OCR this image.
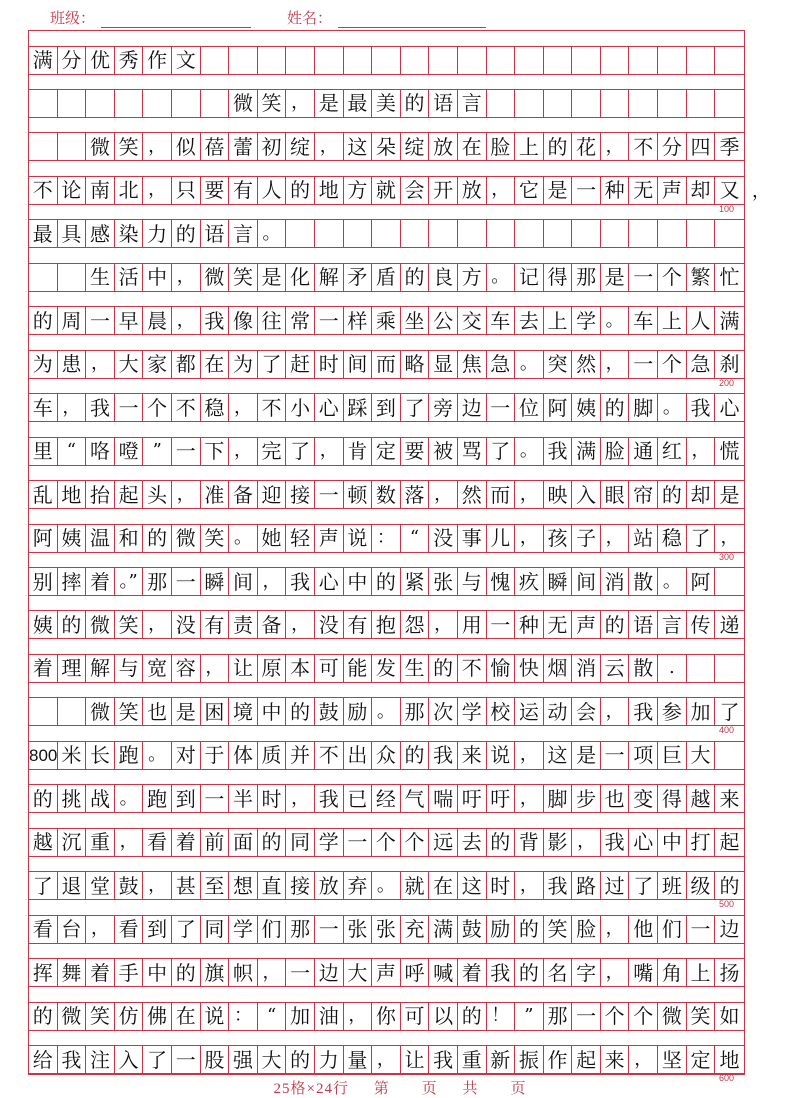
班级：	姓名：
满 分 优 秀 作 文
微 笑 ， 是 最 美 的 语 言
微 笑 ， 似 蓓 蕾 初 绽 ， 这 朵 绽 放 在 脸 上 的 花 ， 不 分 四 季
不 论 南 北 ， 只 要 有 人 的 地 方 就 会 开 放 ， 它 是 一 种 无 声 却 又
最 具 感 染 力 的 语 言 。
生 活 中 ， 微 笑 是 化 解 矛 盾 的 良 方 。 记 得 那 是 一 个 繁 忙
的 周 一 早 晨 ， 我 像 往 常 一 样 乘 坐 公 交 车 去 上 学 。 车 上 人 满
为 患 ， 大 家 都 在 为 了 赶 时 间 而 略 显 焦 急 。 突 然 ， 一 个 急 刹
车 ， 我 一 个 不 稳 ， 不 小 心 踩 到 了 旁 边 一 位 阿 姨 的 脚 。 我 心
里 “ 咯 噔 ” 一 下 ， 完 了 ， 肯 定 要 被 骂 了 。 我 满 脸 通 红 ， 慌
乱 地 抬 起 头 ， 准 备 迎 接 一 顿 数 落 ， 然 而 ， 映 入 眼 帘 的 却 是
阿 姨 温 和 的 微 笑 。 她 轻 声 说 ： “ 没 事 儿 ， 孩 子 ， 站 稳 了 ，
别 摔 着 。” 那 一 瞬 间 ， 我 心 中 的 紧 张 与 愧 疚 瞬 间 消 散 。 阿
姨 的 微 笑 ， 没 有 责 备 ， 没 有 抱 怨 ， 用 一 种 无 声 的 语 言 传 递
着 理 解 与 宽 容 ， 让 原 本 可 能 发 生 的 不 愉 快 烟 消 云 散 .
微 笑 也 是 困 境 中 的 鼓 励 。 那 次 学 校 运 动 会 ， 我 参 加 了
800 米 长 跑 。 对 于 体 质 并 不 出 众 的 我 来 说 ， 这 是 一 项 巨 大
的 挑 战 。 跑 到 一 半 时 ， 我 已 经 气 喘 吁 吁 ， 脚 步 也 变 得 越 来
越 沉 重 ， 看 着 前 面 的 同 学 一 个 个 远 去 的 背 影 ， 我 心 中 打 起
了 退 堂 鼓 ， 甚 至 想 直 接 放 弃 。 就 在 这 时 ， 我 路 过 了 班 级 的
看 台 ， 看 到 了 同 学 们 那 一 张 张 充 满 鼓 励 的 笑 脸 ， 他 们 一 边
挥 舞 着 手 中 的 旗 帜 ， 一 边 大 声 呼 喊 着 我 的 名 字 ， 嘴 角 上 扬
的 微 笑 仿 佛 在 说 ： “ 加 油 ， 你 可 以 的 ！ ” 那 一 个 个 微 笑 如
给 我 注 入 了 一 股 强 大 的 力 量 ， 让 我 重 新 振 作 起 来 ， 坚 定 地
100
200
300
400
500
600
25格×24行 第　　页 共　　页
，
